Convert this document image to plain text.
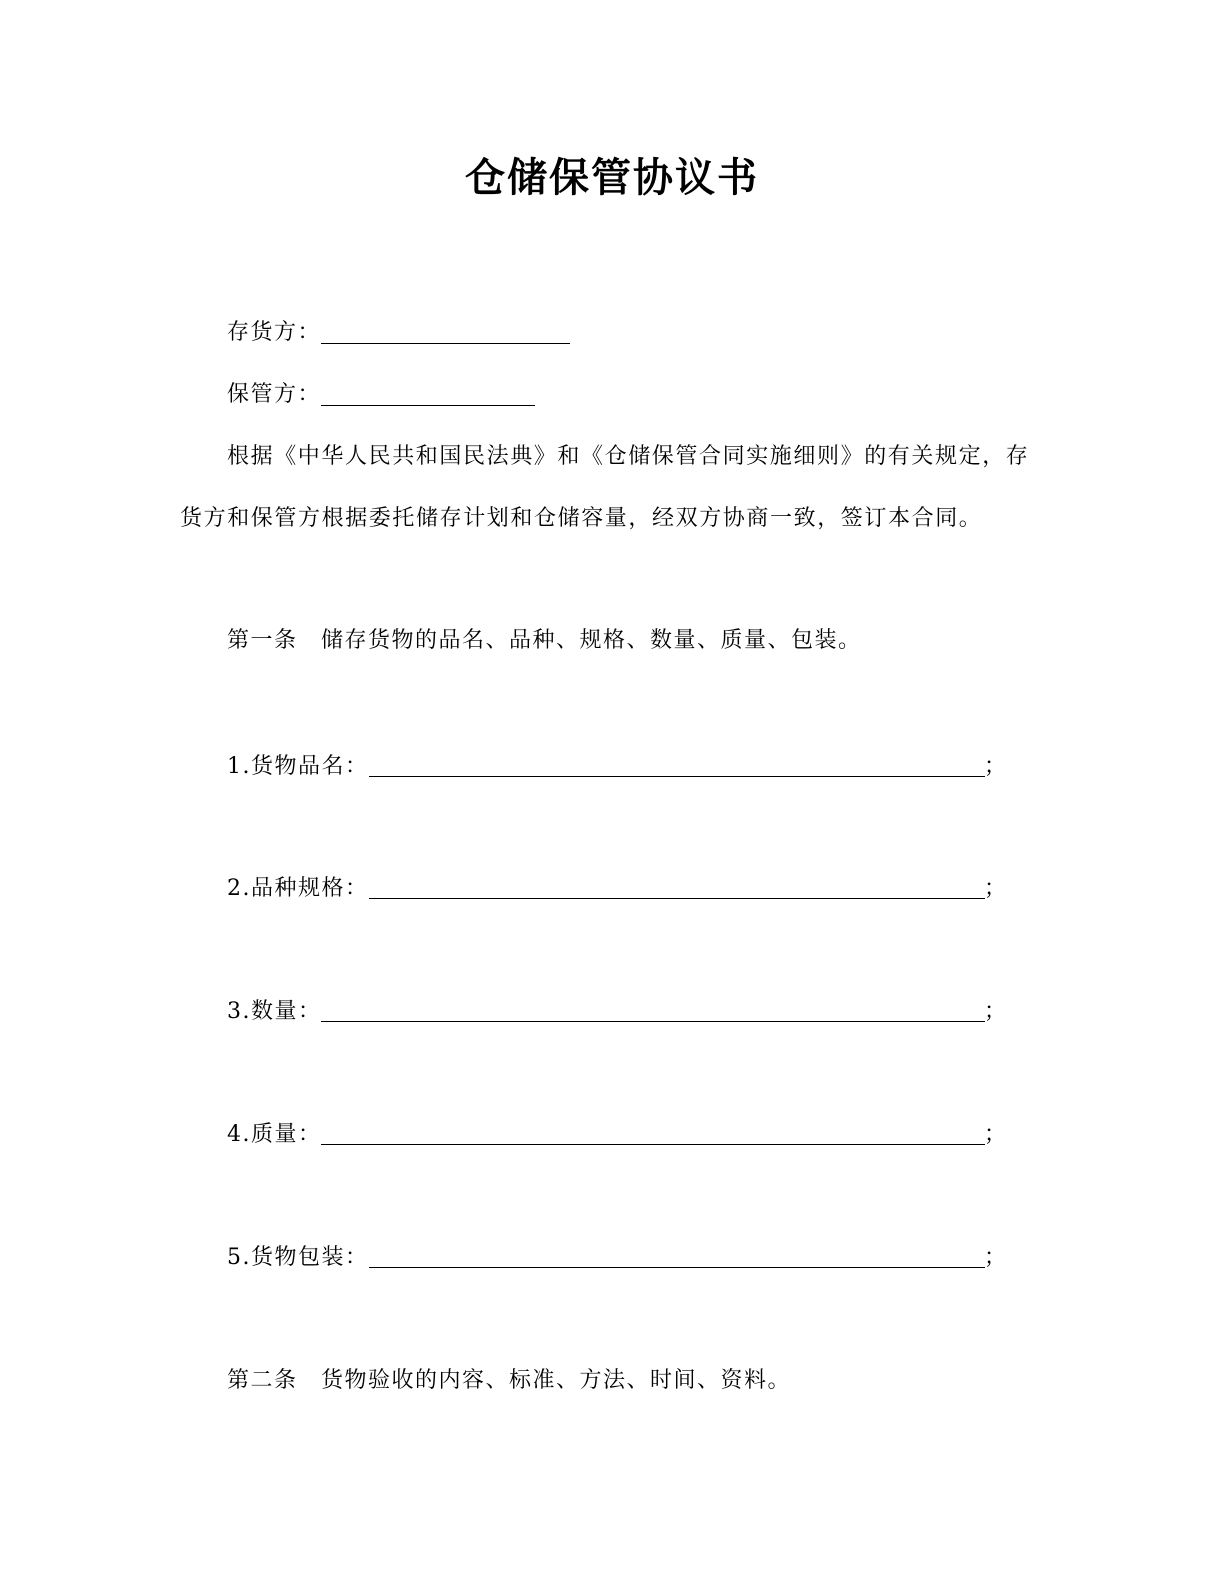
仓储保管协议书
存货方：
保管方：
根据《中华人民共和国民法典》和《仓储保管合同实施细则》的有关规定，存
货方和保管方根据委托储存计划和仓储容量，经双方协商一致，签订本合同。
第一条　储存货物的品名、品种、规格、数量、质量、包装。
1.货物品名：	；
2.品种规格：	；
3.数量：	；
4.质量：	；
5.货物包装：	；
第二条　货物验收的内容、标准、方法、时间、资料。
